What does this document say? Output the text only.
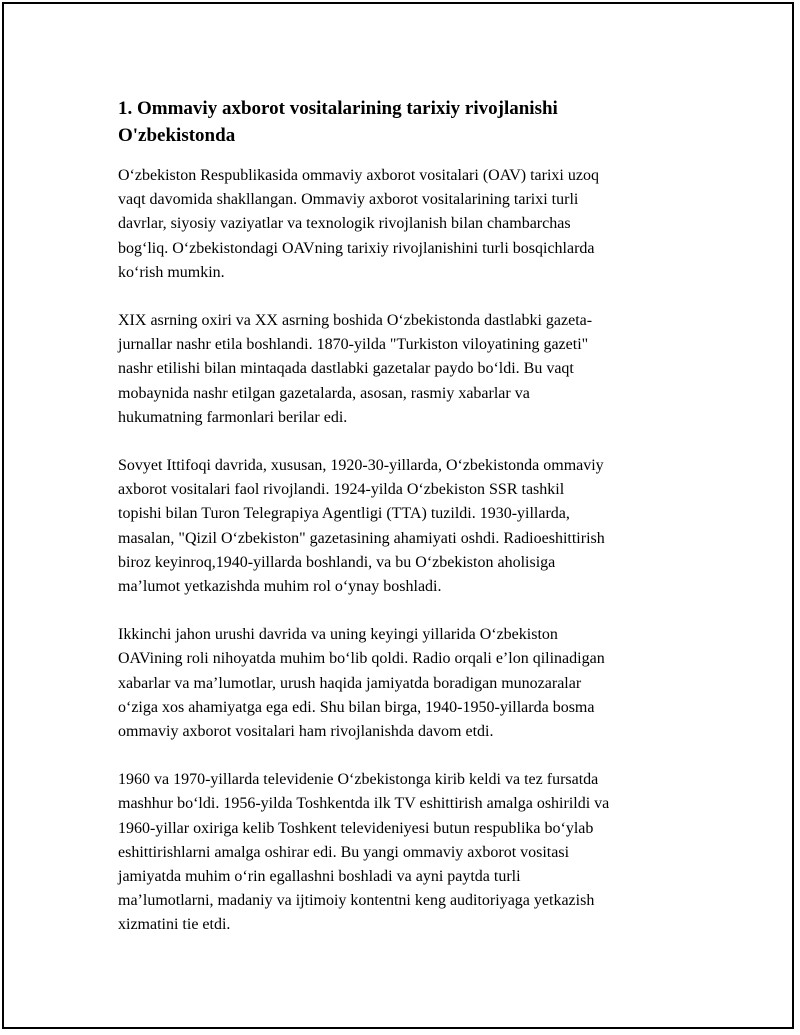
1. Ommaviy axborot vositalarining tarixiy rivojlanishi
O'zbekistonda

O‘zbekiston Respublikasida ommaviy axborot vositalari (OAV) tarixi uzoq
vaqt davomida shakllangan. Ommaviy axborot vositalarining tarixi turli
davrlar, siyosiy vaziyatlar va texnologik rivojlanish bilan chambarchas
bog‘liq. O‘zbekistondagi OAVning tarixiy rivojlanishini turli bosqichlarda
ko‘rish mumkin.

XIX asrning oxiri va XX asrning boshida O‘zbekistonda dastlabki gazeta-
jurnallar nashr etila boshlandi. 1870-yilda "Turkiston viloyatining gazeti"
nashr etilishi bilan mintaqada dastlabki gazetalar paydo bo‘ldi. Bu vaqt
mobaynida nashr etilgan gazetalarda, asosan, rasmiy xabarlar va
hukumatning farmonlari berilar edi.

Sovyet Ittifoqi davrida, xususan, 1920-30-yillarda, O‘zbekistonda ommaviy
axborot vositalari faol rivojlandi. 1924-yilda O‘zbekiston SSR tashkil
topishi bilan Turon Telegrapiya Agentligi (TTA) tuzildi. 1930-yillarda,
masalan, "Qizil O‘zbekiston" gazetasining ahamiyati oshdi. Radioeshittirish
biroz keyinroq,1940-yillarda boshlandi, va bu O‘zbekiston aholisiga
ma’lumot yetkazishda muhim rol o‘ynay boshladi.

Ikkinchi jahon urushi davrida va uning keyingi yillarida O‘zbekiston
OAVining roli nihoyatda muhim bo‘lib qoldi. Radio orqali e’lon qilinadigan
xabarlar va ma’lumotlar, urush haqida jamiyatda boradigan munozaralar
o‘ziga xos ahamiyatga ega edi. Shu bilan birga, 1940-1950-yillarda bosma
ommaviy axborot vositalari ham rivojlanishda davom etdi.

1960 va 1970-yillarda televidenie O‘zbekistonga kirib keldi va tez fursatda
mashhur bo‘ldi. 1956-yilda Toshkentda ilk TV eshittirish amalga oshirildi va
1960-yillar oxiriga kelib Toshkent televideniyesi butun respublika bo‘ylab
eshittirishlarni amalga oshirar edi. Bu yangi ommaviy axborot vositasi
jamiyatda muhim o‘rin egallashni boshladi va ayni paytda turli
ma’lumotlarni, madaniy va ijtimoiy kontentni keng auditoriyaga yetkazish
xizmatini tie etdi.
